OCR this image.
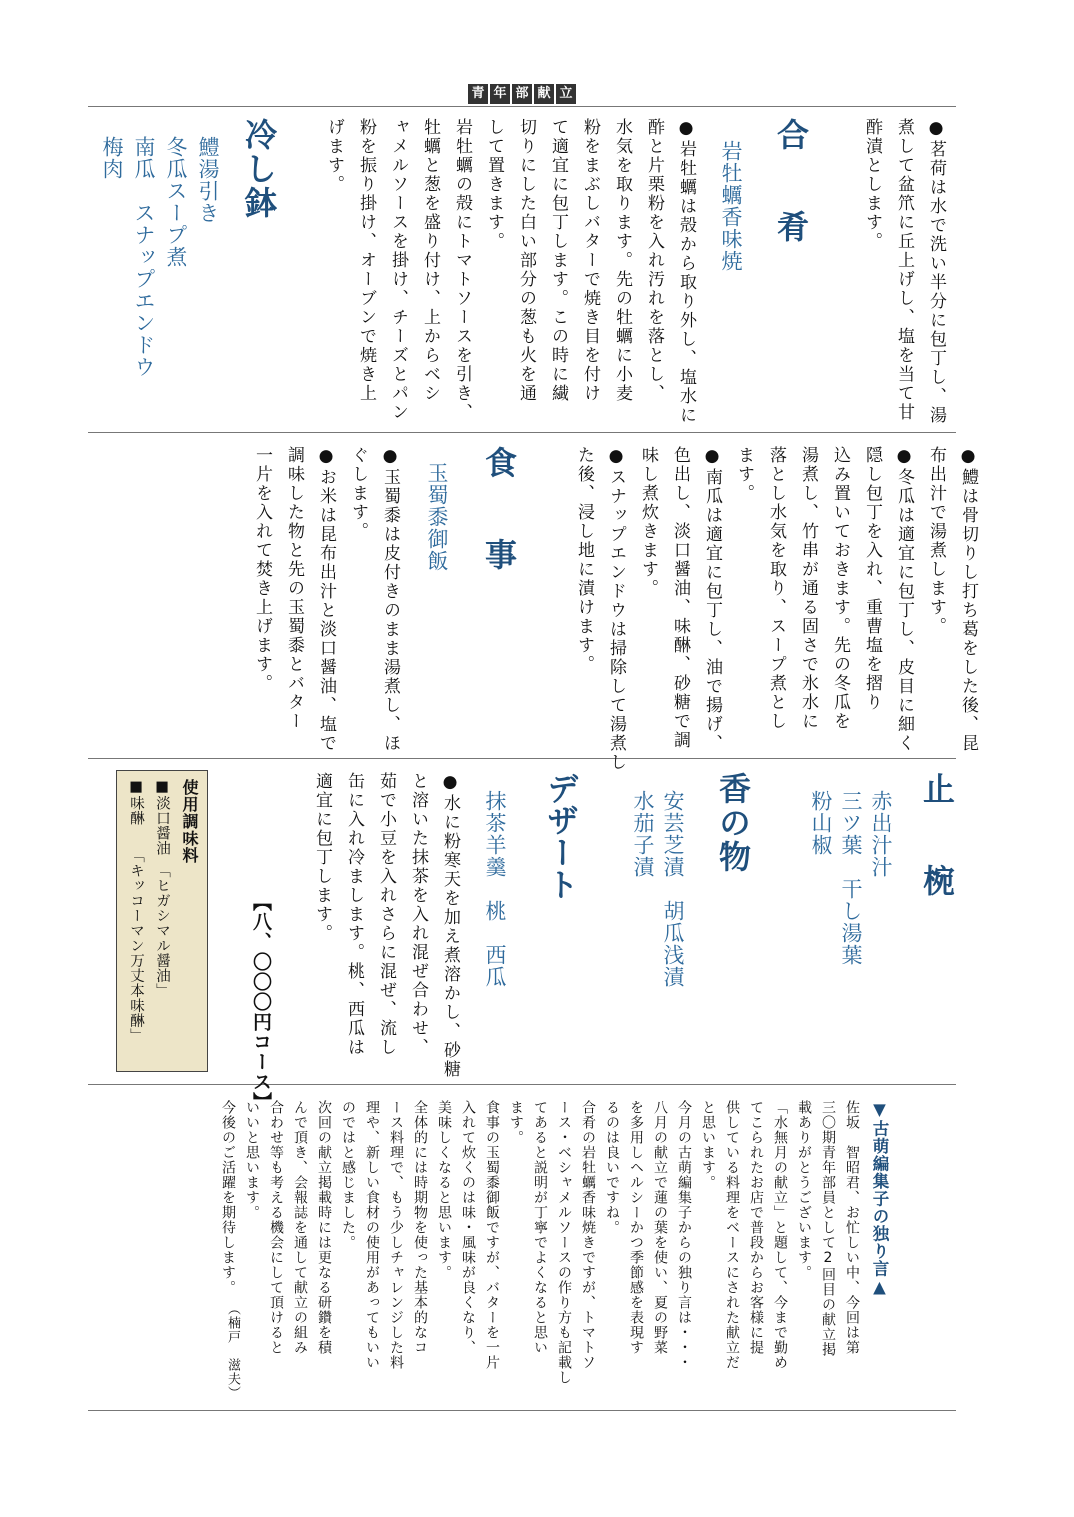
青 年 部 献 立
●茗荷は水で洗い半分に包丁し、湯煮して盆笊に丘上げし、塩を当て甘酢漬とします。
合　肴
岩牡蠣香味焼
●岩牡蠣は殻から取り外し、塩水に
酢と片栗粉を入れ汚れを落とし、
水気を取ります。先の牡蠣に小麦
粉をまぶしバターで焼き目を付け
て適宜に包丁します。この時に繊
切りにした白い部分の葱も火を通
して置きます。
岩牡蠣の殻にトマトソースを引き、
牡蠣と葱を盛り付け、上からベシ
ャメルソースを掛け、チーズとパン
粉を振り掛け、オーブンで焼き上
げます。
冷し鉢
鱧湯引き
冬瓜スープ煮
南瓜　スナップエンドウ
梅肉
●鱧は骨切りし打ち葛をした後、昆
布出汁で湯煮します。
●冬瓜は適宜に包丁し、皮目に細く
隠し包丁を入れ、重曹塩を摺り
込み置いておきます。先の冬瓜を
湯煮し、竹串が通る固さで氷水に
落とし水気を取り、スープ煮とし
ます。
●南瓜は適宜に包丁し、油で揚げ、
色出し、淡口醤油、味醂、砂糖で調
味し煮炊きます。
●スナップエンドウは掃除して湯煮し
た後、浸し地に漬けます。
食　事
玉蜀黍御飯
●玉蜀黍は皮付きのまま湯煮し、ほ
ぐします。
●お米は昆布出汁と淡口醤油、塩で
調味した物と先の玉蜀黍とバター
一片を入れて焚き上げます。
止　椀
赤出汁汁
三ツ葉　干し湯葉
粉山椒
香の物
安芸芝漬　胡瓜浅漬
水茄子漬
デザート
抹茶羊羹　桃　西瓜
●水に粉寒天を加え煮溶かし、砂糖
と溶いた抹茶を入れ混ぜ合わせ、
茹で小豆を入れさらに混ぜ、流し
缶に入れ冷まします。桃、西瓜は
適宜に包丁します。
【八、〇〇〇円コース】
使用調味料
■淡口醤油　「ヒガシマル醤油」
■味醂　　「キッコーマン万丈本味醂」
▼古萌編集子の独り言▲
佐坂　智昭君、お忙しい中、今回は第
三〇期青年部員として2回目の献立掲
載ありがとうございます。
「水無月の献立」と題して、今まで勤め
てこられたお店で普段からお客様に提
供している料理をベースにされた献立だ
と思います。
今月の古萌編集子からの独り言は・・・
八月の献立で蓮の葉を使い、夏の野菜
を多用しヘルシーかつ季節感を表現す
るのは良いですね。
合肴の岩牡蠣香味焼きですが、トマトソ
ース・ベシャメルソースの作り方も記載し
てあると説明が丁寧でよくなると思い
ます。
食事の玉蜀黍御飯ですが、バターを一片
入れて炊くのは味・風味が良くなり、
美味しくなると思います。
全体的には時期物を使った基本的なコ
ース料理で、もう少しチャレンジした料
理や、新しい食材の使用があってもいい
のではと感じました。
次回の献立掲載時には更なる研鑽を積
んで頂き、会報誌を通して献立の組み
合わせ等も考える機会にして頂けると
いいと思います。
今後のご活躍を期待します。
（楠戸　滋夫）
